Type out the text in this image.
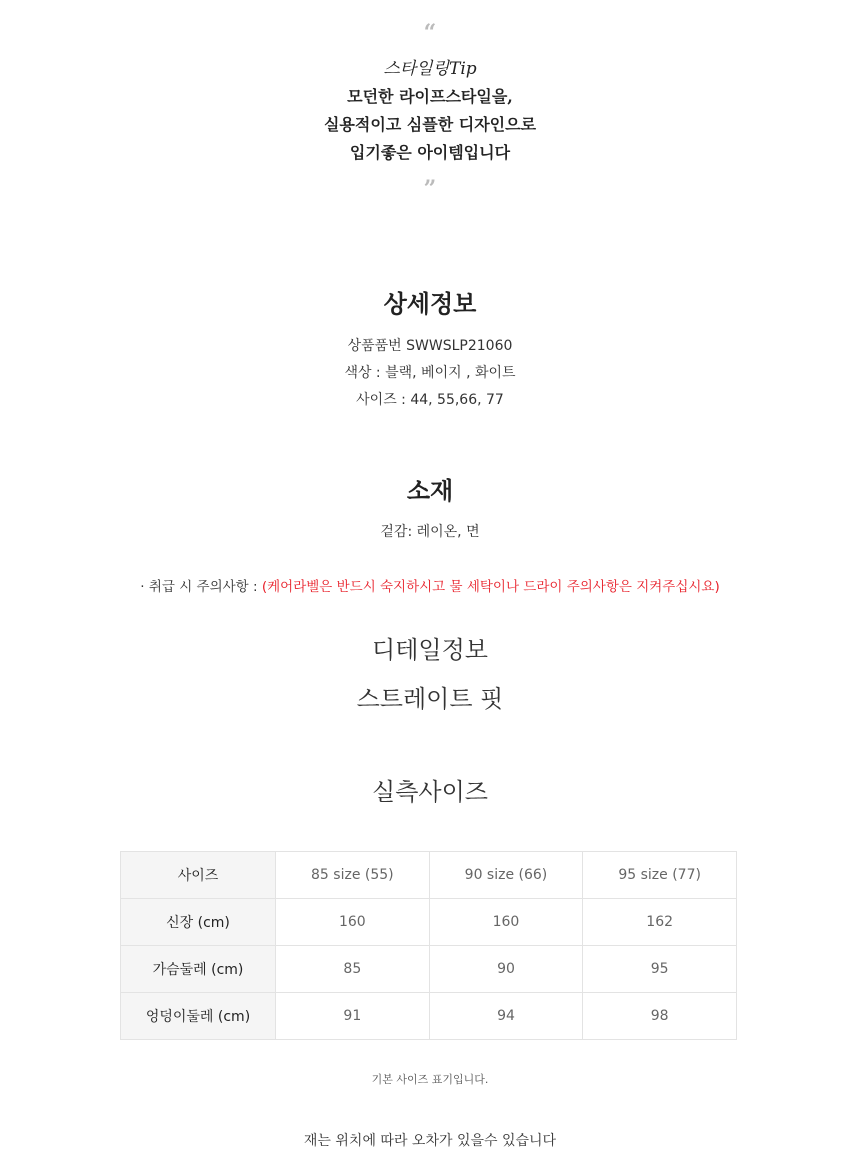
“
스타일링Tip
모던한 라이프스타일을,
실용적이고 심플한 디자인으로
입기좋은 아이템입니다
”
상세정보
상품품번 SWWSLP21060
색상 : 블랙, 베이지 , 화이트
사이즈 : 44, 55,66, 77
소재
겉감: 레이온, 면
· 취급 시 주의사항 : (케어라벨은 반드시 숙지하시고 물 세탁이나 드라이 주의사항은 지켜주십시요)
디테일정보
스트레이트 핏
실측사이즈
사이즈	85 size (55)	90 size (66)	95 size (77)
신장 (cm)	160	160	162
가슴둘레 (cm)	85	90	95
엉덩이둘레 (cm)	91	94	98
기본 사이즈 표기입니다.
재는 위치에 따라 오차가 있을수 있습니다
